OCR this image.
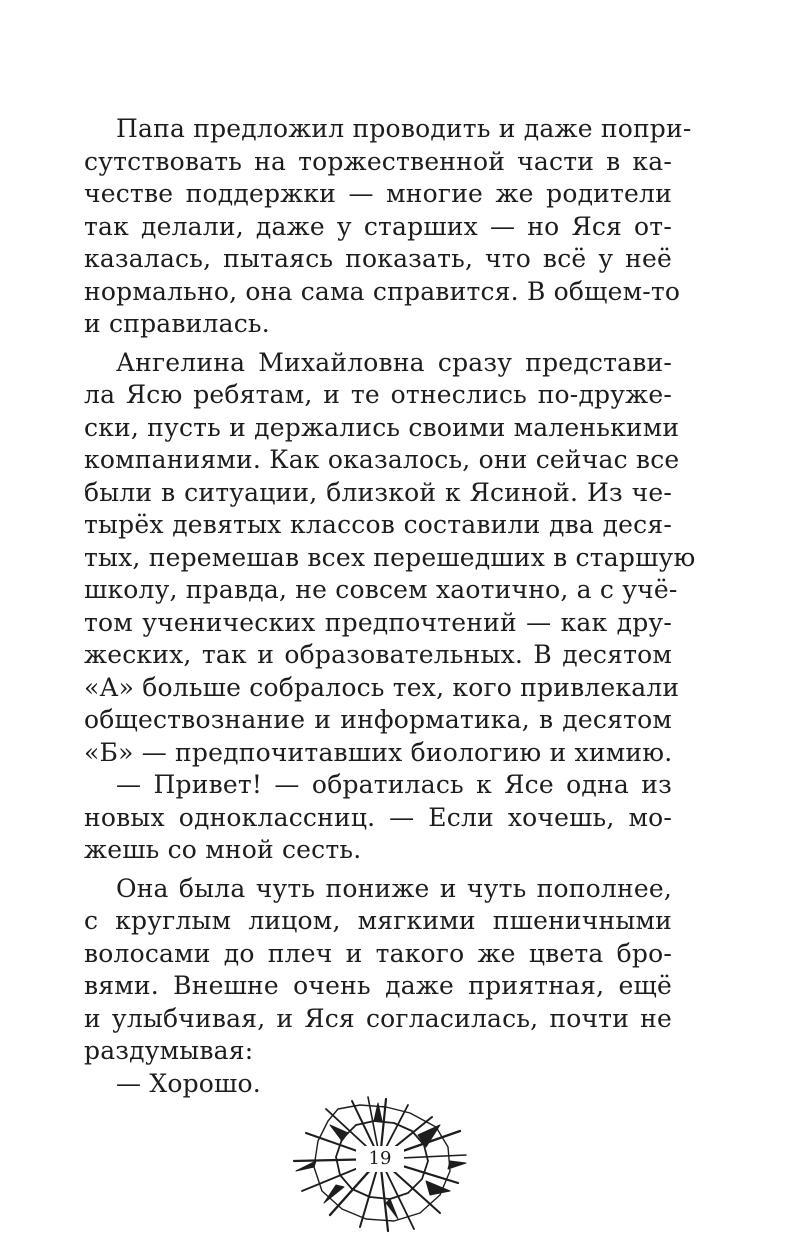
Папа предложил проводить и даже попри-
сутствовать на торжественной части в ка-
честве поддержки — многие же родители
так делали, даже у старших — но Яся от-
казалась, пытаясь показать, что всё у неё
нормально, она сама справится. В общем-то
и справилась.
Ангелина Михайловна сразу представи-
ла Ясю ребятам, и те отнеслись по-друже-
ски, пусть и держались своими маленькими
компаниями. Как оказалось, они сейчас все
были в ситуации, близкой к Ясиной. Из че-
тырёх девятых классов составили два деся-
тых, перемешав всех перешедших в старшую
школу, правда, не совсем хаотично, а с учё-
том ученических предпочтений — как дру-
жеских, так и образовательных. В десятом
«А» больше собралось тех, кого привлекали
обществознание и информатика, в десятом
«Б» — предпочитавших биологию и химию.
— Привет! — обратилась к Ясе одна из
новых одноклассниц. — Если хочешь, мо-
жешь со мной сесть.
Она была чуть пониже и чуть пополнее,
с круглым лицом, мягкими пшеничными
волосами до плеч и такого же цвета бро-
вями. Внешне очень даже приятная, ещё
и улыбчивая, и Яся согласилась, почти не
раздумывая:
— Хорошо.
19
